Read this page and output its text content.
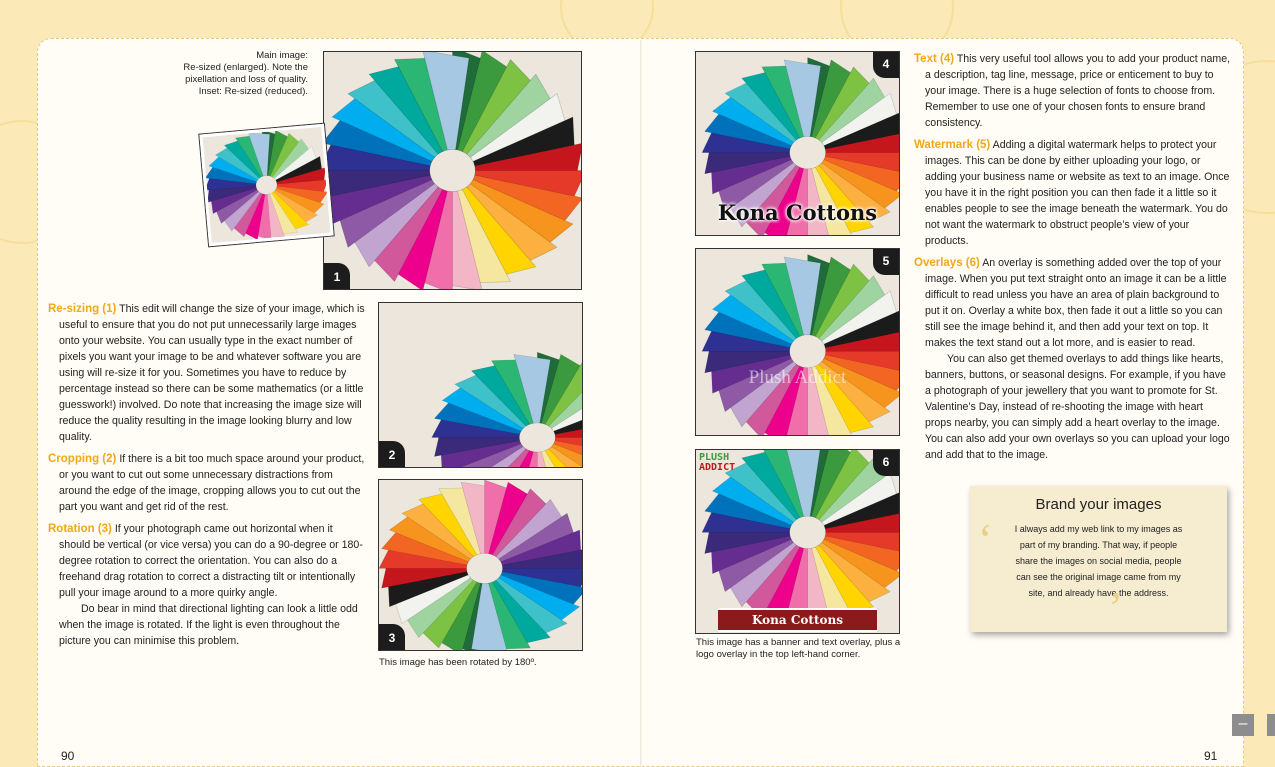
Main image:
Re-sized (enlarged). Note the
pixellation and loss of quality.
Inset: Re-sized (reduced).
1

Re-sizing (1) This edit will change the size of your image, which is useful to ensure that you do not put unnecessarily large images onto your website. You can usually type in the exact number of pixels you want your image to be and whatever software you are using will re-size it for you. Sometimes you have to reduce by percentage instead so there can be some mathematics (or a little guesswork!) involved. Do note that increasing the image size will reduce the quality resulting in the image looking blurry and low quality.

Cropping (2) If there is a bit too much space around your product, or you want to cut out some unnecessary distractions from around the edge of the image, cropping allows you to cut out the part you want and get rid of the rest.

Rotation (3) If your photograph came out horizontal when it should be vertical (or vice versa) you can do a 90-degree or 180-degree rotation to correct the orientation. You can also do a freehand drag rotation to correct a distracting tilt or intentionally pull your image around to a more quirky angle.

Do bear in mind that directional lighting can look a little odd when the image is rotated. If the light is even throughout the picture you can minimise this problem.

2
3
This image has been rotated by 180º.
90
Kona Cottons
4
Plush Addict
5
PLUSH
ADDICT
Kona Cottons
6
This image has a banner and text overlay, plus a logo overlay in the top left-hand corner.

Text (4) This very useful tool allows you to add your product name, a description, tag line, message, price or enticement to buy to your image. There is a huge selection of fonts to choose from. Remember to use one of your chosen fonts to ensure brand consistency.

Watermark (5) Adding a digital watermark helps to protect your images. This can be done by either uploading your logo, or adding your business name or website as text to an image. Once you have it in the right position you can then fade it a little so it enables people to see the image beneath the watermark. You do not want the watermark to obstruct people’s view of your products.

Overlays (6) An overlay is something added over the top of your image. When you put text straight onto an image it can be a little difficult to read unless you have an area of plain background to put it on. Overlay a white box, then fade it out a little so you can still see the image behind it, and then add your text on top. It makes the text stand out a lot more, and is easier to read.

You can also get themed overlays to add things like hearts, banners, buttons, or seasonal designs. For example, if you have a photograph of your jewellery that you want to promote for St. Valentine’s Day, instead of re-shooting the image with heart props nearby, you can simply add a heart overlay to the image. You can also add your own overlays so you can upload your logo and add that to the image.

‘
’
Brand your images
I always add my web link to my images as part of my branding. That way, if people share the images on social media, people can see the original image came from my site, and already have the address.
91
–
